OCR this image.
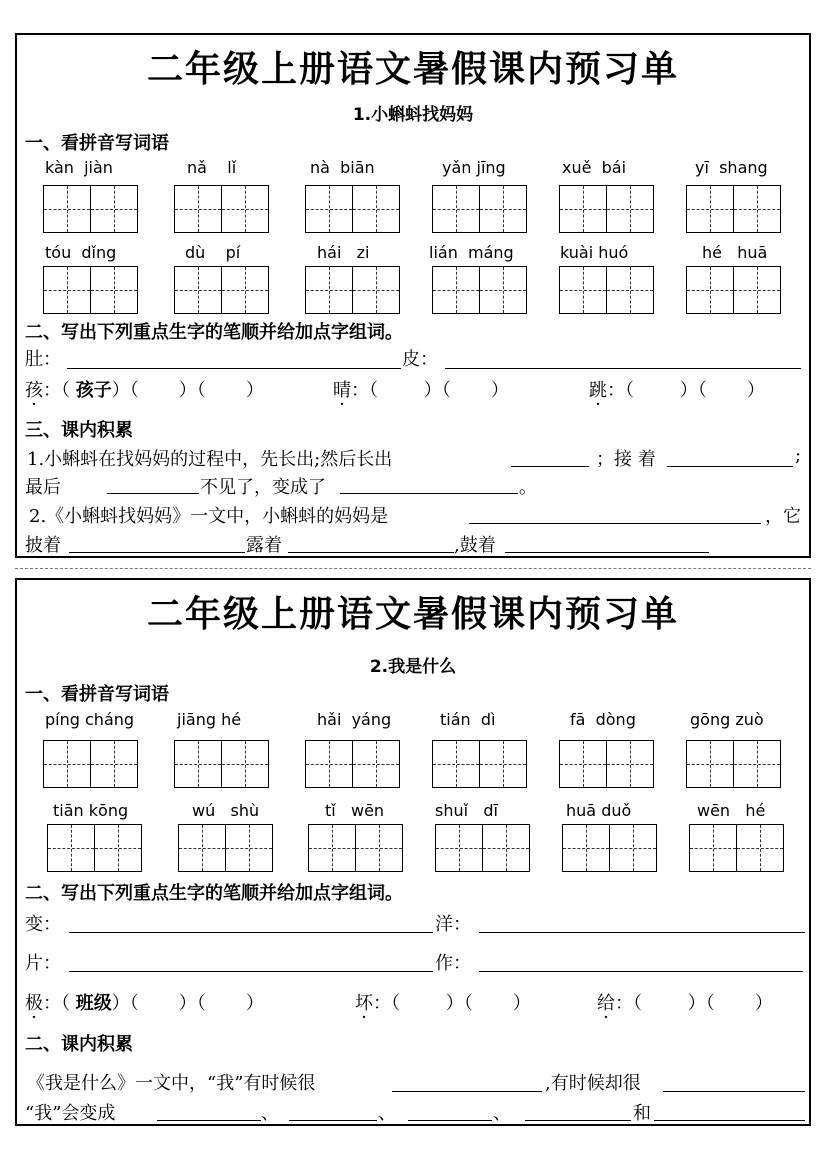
二年级上册语文暑假课内预习单
1.小蝌蚪找妈妈
一、看拼音写词语
kàn jiàn	nǎ lǐ	nà biān	yǎn jīng	xuě bái	yī shang
tóu dǐng	dù pí	hái zi	lián máng	kuài huó	hé huā
二、写出下列重点生字的笔顺并给加点字组词。
肚：	皮：
孩：（ 孩子）（ ）（ ）	晴：（	）（ ）	跳：（	）（ ）
三、课内积累
1.小蝌蚪在找妈妈的过程中，先长出;然后长出	；接 着	;
最后	不见了，变成了	。
2.《小蝌蚪找妈妈》一文中，小蝌蚪的妈妈是	，它
披着	露着	,鼓着
二年级上册语文暑假课内预习单
2.我是什么
一、看拼音写词语
píng cháng	jiāng hé	hǎi yáng	tián dì	fā dòng	gōng zuò
tiān kōng	wú shù	tǐ wēn	shuǐ dī	huā duǒ	wēn hé
二、写出下列重点生字的笔顺并给加点字组词。
变：	洋：
片：	作：
极：（ 班级）（ ）（ ）	坏：（	）（ ）	给：（	）（ ）
二、课内积累
《我是什么》一文中，“我”有时候很	,有时候却很
“我”会变成	、	、	、	和
